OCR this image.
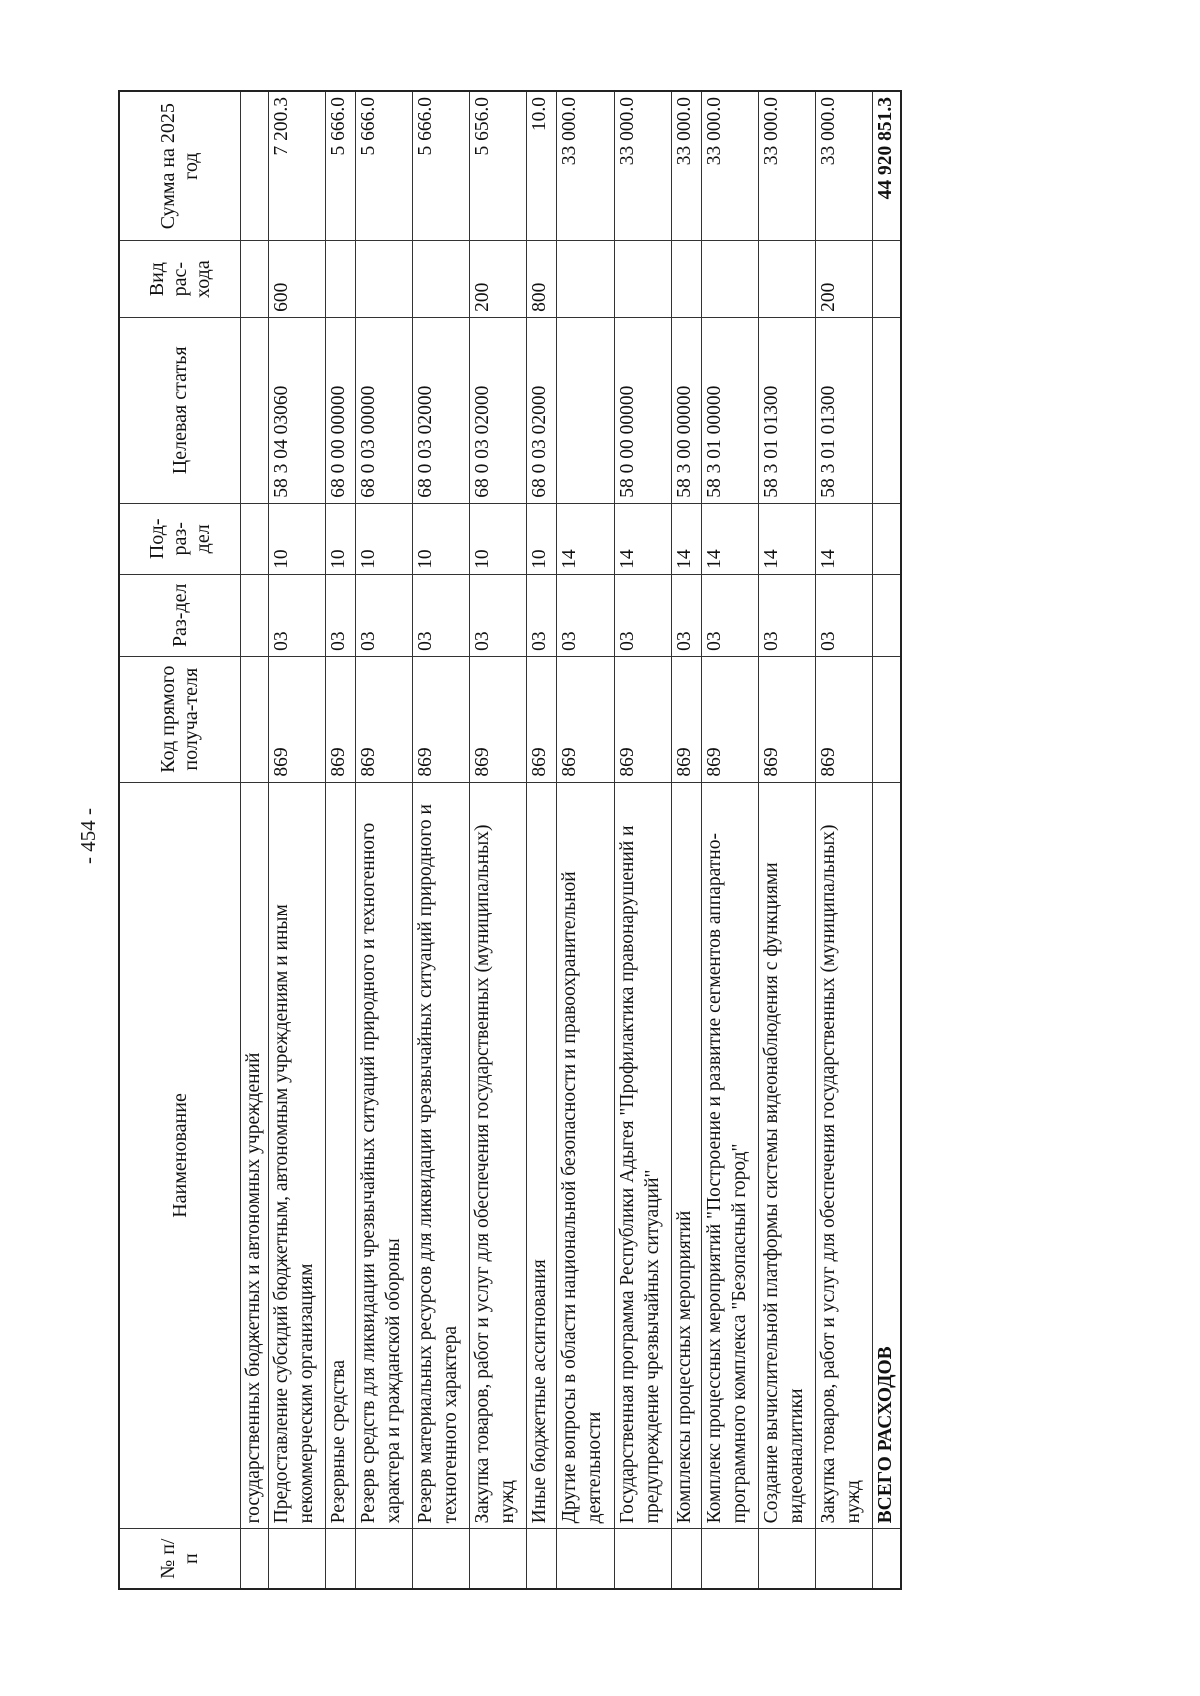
- 454 -
№ п/п	Наименование	Код прямого получа-теля	Раз-дел	Под-раз-дел	Целевая статья	Вид рас-хода	Сумма на 2025 год
	государственных бюджетных и автономных учреждений						
	Предоставление субсидий бюджетным, автономным учреждениям и иным некоммерческим организациям	869	03	10	58 3 04 03060	600	7 200.3
	Резервные средства	869	03	10	68 0 00 00000		5 666.0
	Резерв средств для ликвидации чрезвычайных ситуаций природного и техногенного характера и гражданской обороны	869	03	10	68 0 03 00000		5 666.0
	Резерв материальных ресурсов для ликвидации чрезвычайных ситуаций природного и техногенного характера	869	03	10	68 0 03 02000		5 666.0
	Закупка товаров, работ и услуг для обеспечения государственных (муниципальных) нужд	869	03	10	68 0 03 02000	200	5 656.0
	Иные бюджетные ассигнования	869	03	10	68 0 03 02000	800	10.0
	Другие вопросы в области национальной безопасности и правоохранительной деятельности	869	03	14			33 000.0
	Государственная программа Республики Адыгея "Профилактика правонарушений и предупреждение чрезвычайных ситуаций"	869	03	14	58 0 00 00000		33 000.0
	Комплексы процессных мероприятий	869	03	14	58 3 00 00000		33 000.0
	Комплекс процессных мероприятий "Построение и развитие сегментов аппаратно-программного комплекса "Безопасный город"	869	03	14	58 3 01 00000		33 000.0
	Создание вычислительной платформы системы видеонаблюдения с функциями видеоаналитики	869	03	14	58 3 01 01300		33 000.0
	Закупка товаров, работ и услуг для обеспечения государственных (муниципальных) нужд	869	03	14	58 3 01 01300	200	33 000.0
	ВСЕГО РАСХОДОВ						44 920 851.3
